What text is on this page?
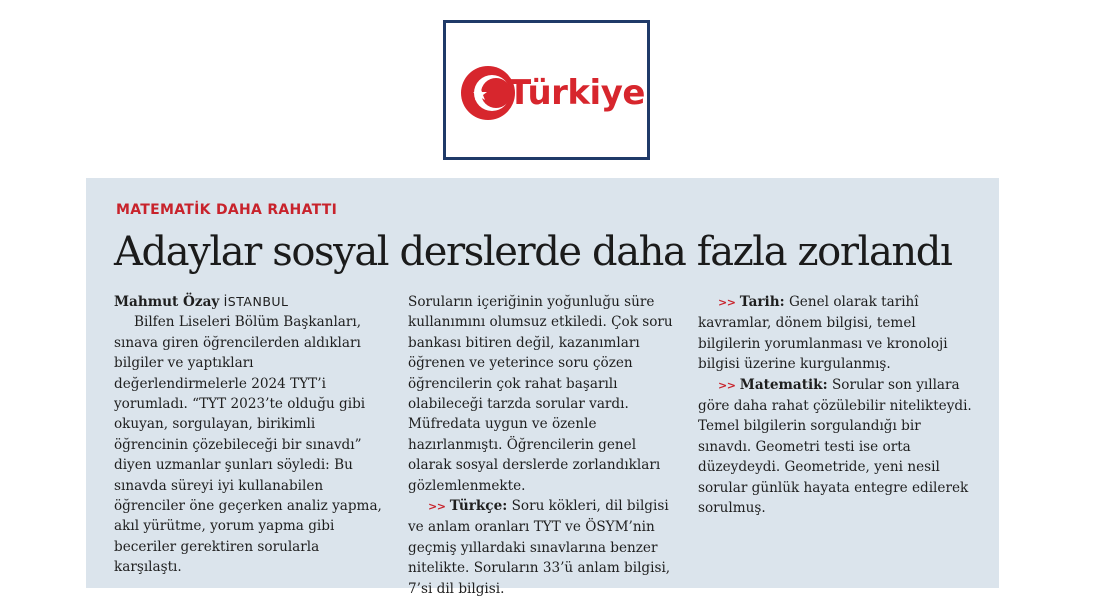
Türkiye
MATEMATİK DAHA RAHATTI
Adaylar sosyal derslerde daha fazla zorlandı

Mahmut Özay İSTANBUL

Bilfen Liseleri Bölüm Başkanları, sınava giren öğrencilerden aldıkları bilgiler ve yaptıkları değerlendirmelerle 2024 TYT’i yorumladı. “TYT 2023’te olduğu gibi okuyan, sorgulayan, birikimli öğrencinin çözebileceği bir sınavdı” diyen uzmanlar şunları söyledi: Bu sınavda süreyi iyi kullanabilen öğrenciler öne geçerken analiz yapma, akıl yürütme, yorum yapma gibi beceriler gerektiren sorularla karşılaştı.

Soruların içeriğinin yoğunluğu süre kullanımını olumsuz etkiledi. Çok soru bankası bitiren değil, kazanımları öğrenen ve yeterince soru çözen öğrencilerin çok rahat başarılı olabileceği tarzda sorular vardı. Müfredata uygun ve özenle hazırlanmıştı. Öğrencilerin genel olarak sosyal derslerde zorlandıkları gözlemlenmekte.

>> Türkçe: Soru kökleri, dil bilgisi ve anlam oranları TYT ve ÖSYM’nin geçmiş yıllardaki sınavlarına benzer nitelikte. Soruların 33’ü anlam bilgisi, 7’si dil bilgisi.

>> Tarih: Genel olarak tarihî kavramlar, dönem bilgisi, temel bilgilerin yorumlanması ve kronoloji bilgisi üzerine kurgulanmış.

>> Matematik: Sorular son yıllara göre daha rahat çözülebilir nitelikteydi. Temel bilgilerin sorgulandığı bir sınavdı. Geometri testi ise orta düzeydeydi. Geometride, yeni nesil sorular günlük hayata entegre edilerek sorulmuş.
